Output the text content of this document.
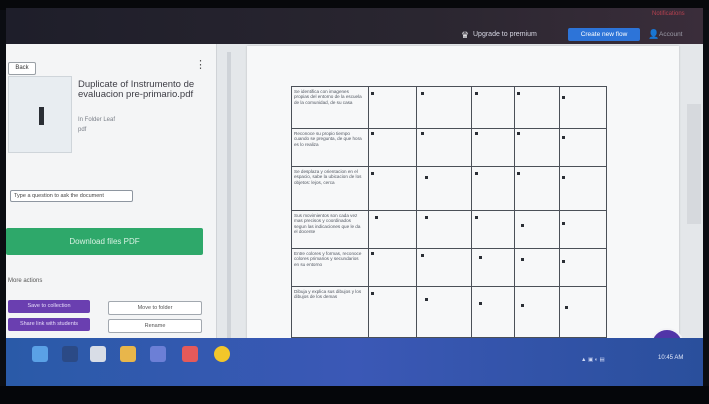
Notifications
♛ Upgrade to premium	Create new flow	👤 Account
Back	⋮
Duplicate of Instrumento de evaluacion pre-primario.pdf
In Folder Leaf
pdf
Type a question to ask the document
Download files PDF
More actions
Save to collection
Share link with students
Move to folder
Rename
Se identifica con imagenes propias del entorno de la escuela de la comunidad, de su casa
Reconoce su propio tiempo cuando se pregunta, de que hora es lo realiza
Se desplaza y orientacion en el espacio, sabe la ubicacion de los objetos: lejos, cerca
Sus movimientos son cada vez mas precisos y coordinados segun las indicaciones que le da el docente
Entre colores y formas, reconoce colores primarios y secundarios en su entorno
Dibuja y explica sus dibujos y los dibujos de los demas
▲ ▣ ◐ ▤	10:45 AM
